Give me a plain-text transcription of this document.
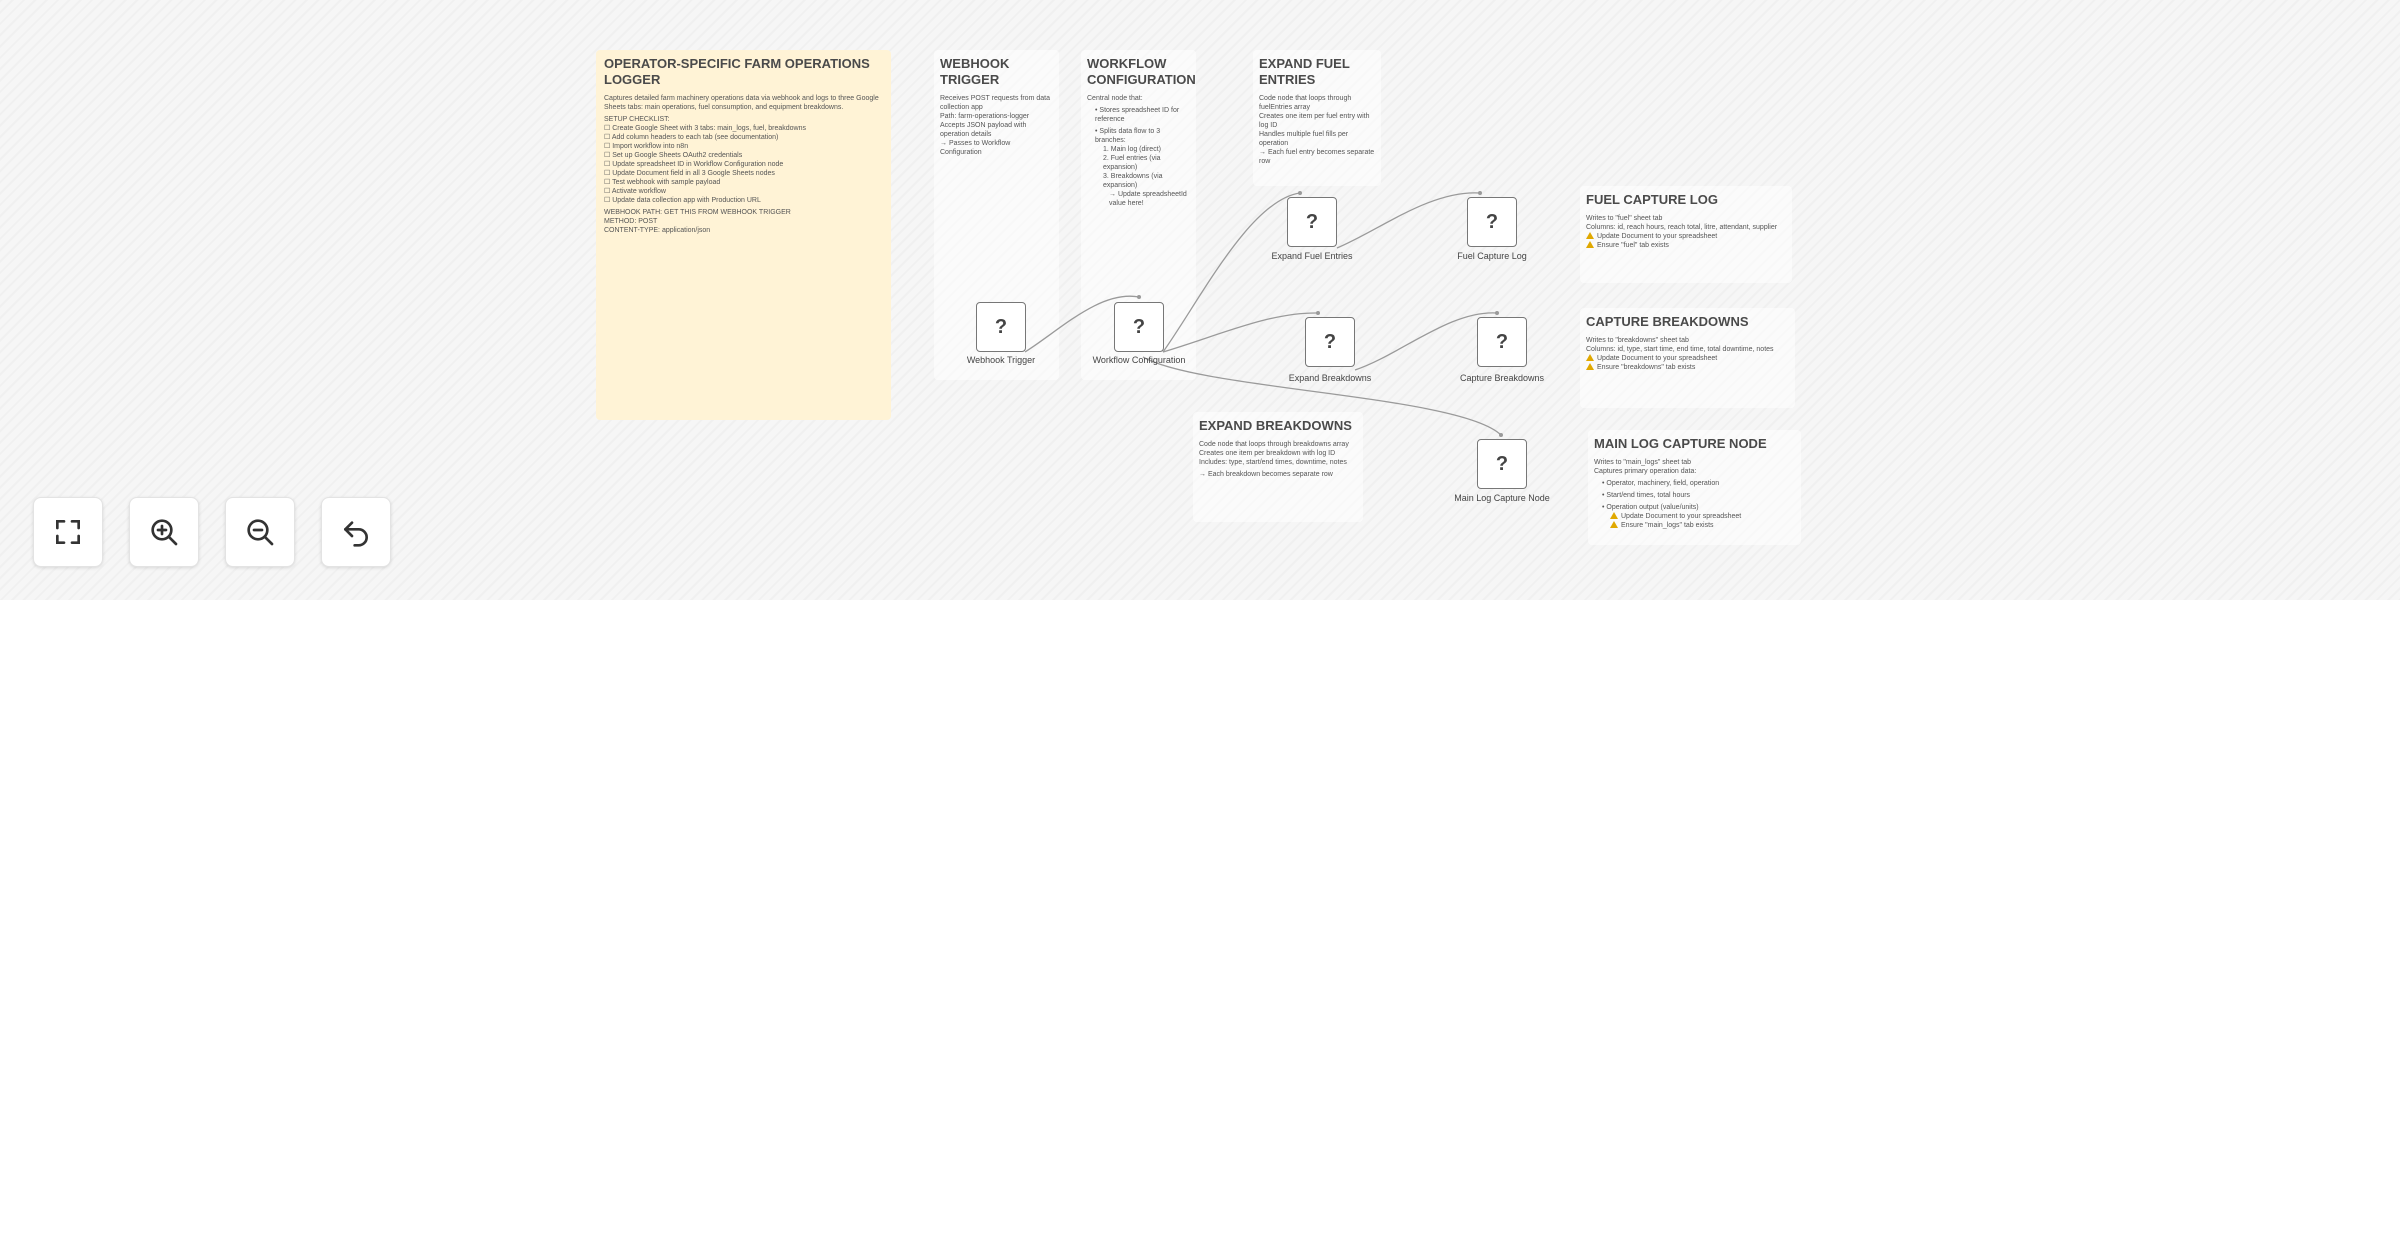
OPERATOR-SPECIFIC FARM OPERATIONS LOGGER

Captures detailed farm machinery operations data via webhook and logs to three Google Sheets tabs: main operations, fuel consumption, and equipment breakdowns.

SETUP CHECKLIST:

☐ Create Google Sheet with 3 tabs: main_logs, fuel, breakdowns

☐ Add column headers to each tab (see documentation)

☐ Import workflow into n8n

☐ Set up Google Sheets OAuth2 credentials

☐ Update spreadsheet ID in Workflow Configuration node

☐ Update Document field in all 3 Google Sheets nodes

☐ Test webhook with sample payload

☐ Activate workflow

☐ Update data collection app with Production URL

WEBHOOK PATH: GET THIS FROM WEBHOOK TRIGGER

METHOD: POST

CONTENT-TYPE: application/json

WEBHOOK TRIGGER

Receives POST requests from data collection app

Path: farm-operations-logger

Accepts JSON payload with operation details

→ Passes to Workflow Configuration

WORKFLOW CONFIGURATION

Central node that:

• Stores spreadsheet ID for reference

• Splits data flow to 3 branches:

1. Main log (direct)

2. Fuel entries (via expansion)

3. Breakdowns (via expansion)

→ Update spreadsheetId value here!

EXPAND FUEL ENTRIES

Code node that loops through fuelEntries array

Creates one item per fuel entry with log ID

Handles multiple fuel fills per operation

→ Each fuel entry becomes separate row

FUEL CAPTURE LOG

Writes to "fuel" sheet tab

Columns: id, reach hours, reach total, litre, attendant, supplier

Update Document to your spreadsheet

Ensure "fuel" tab exists

CAPTURE BREAKDOWNS

Writes to "breakdowns" sheet tab

Columns: id, type, start time, end time, total downtime, notes

Update Document to your spreadsheet

Ensure "breakdowns" tab exists

EXPAND BREAKDOWNS

Code node that loops through breakdowns array

Creates one item per breakdown with log ID

Includes: type, start/end times, downtime, notes

→ Each breakdown becomes separate row

MAIN LOG CAPTURE NODE

Writes to "main_logs" sheet tab

Captures primary operation data:

• Operator, machinery, field, operation

• Start/end times, total hours

• Operation output (value/units)

Update Document to your spreadsheet

Ensure "main_logs" tab exists

?
Webhook Trigger
?
Workflow Configuration
?
Expand Fuel Entries
?
Fuel Capture Log
?
Expand Breakdowns
?
Capture Breakdowns
?
Main Log Capture Node
